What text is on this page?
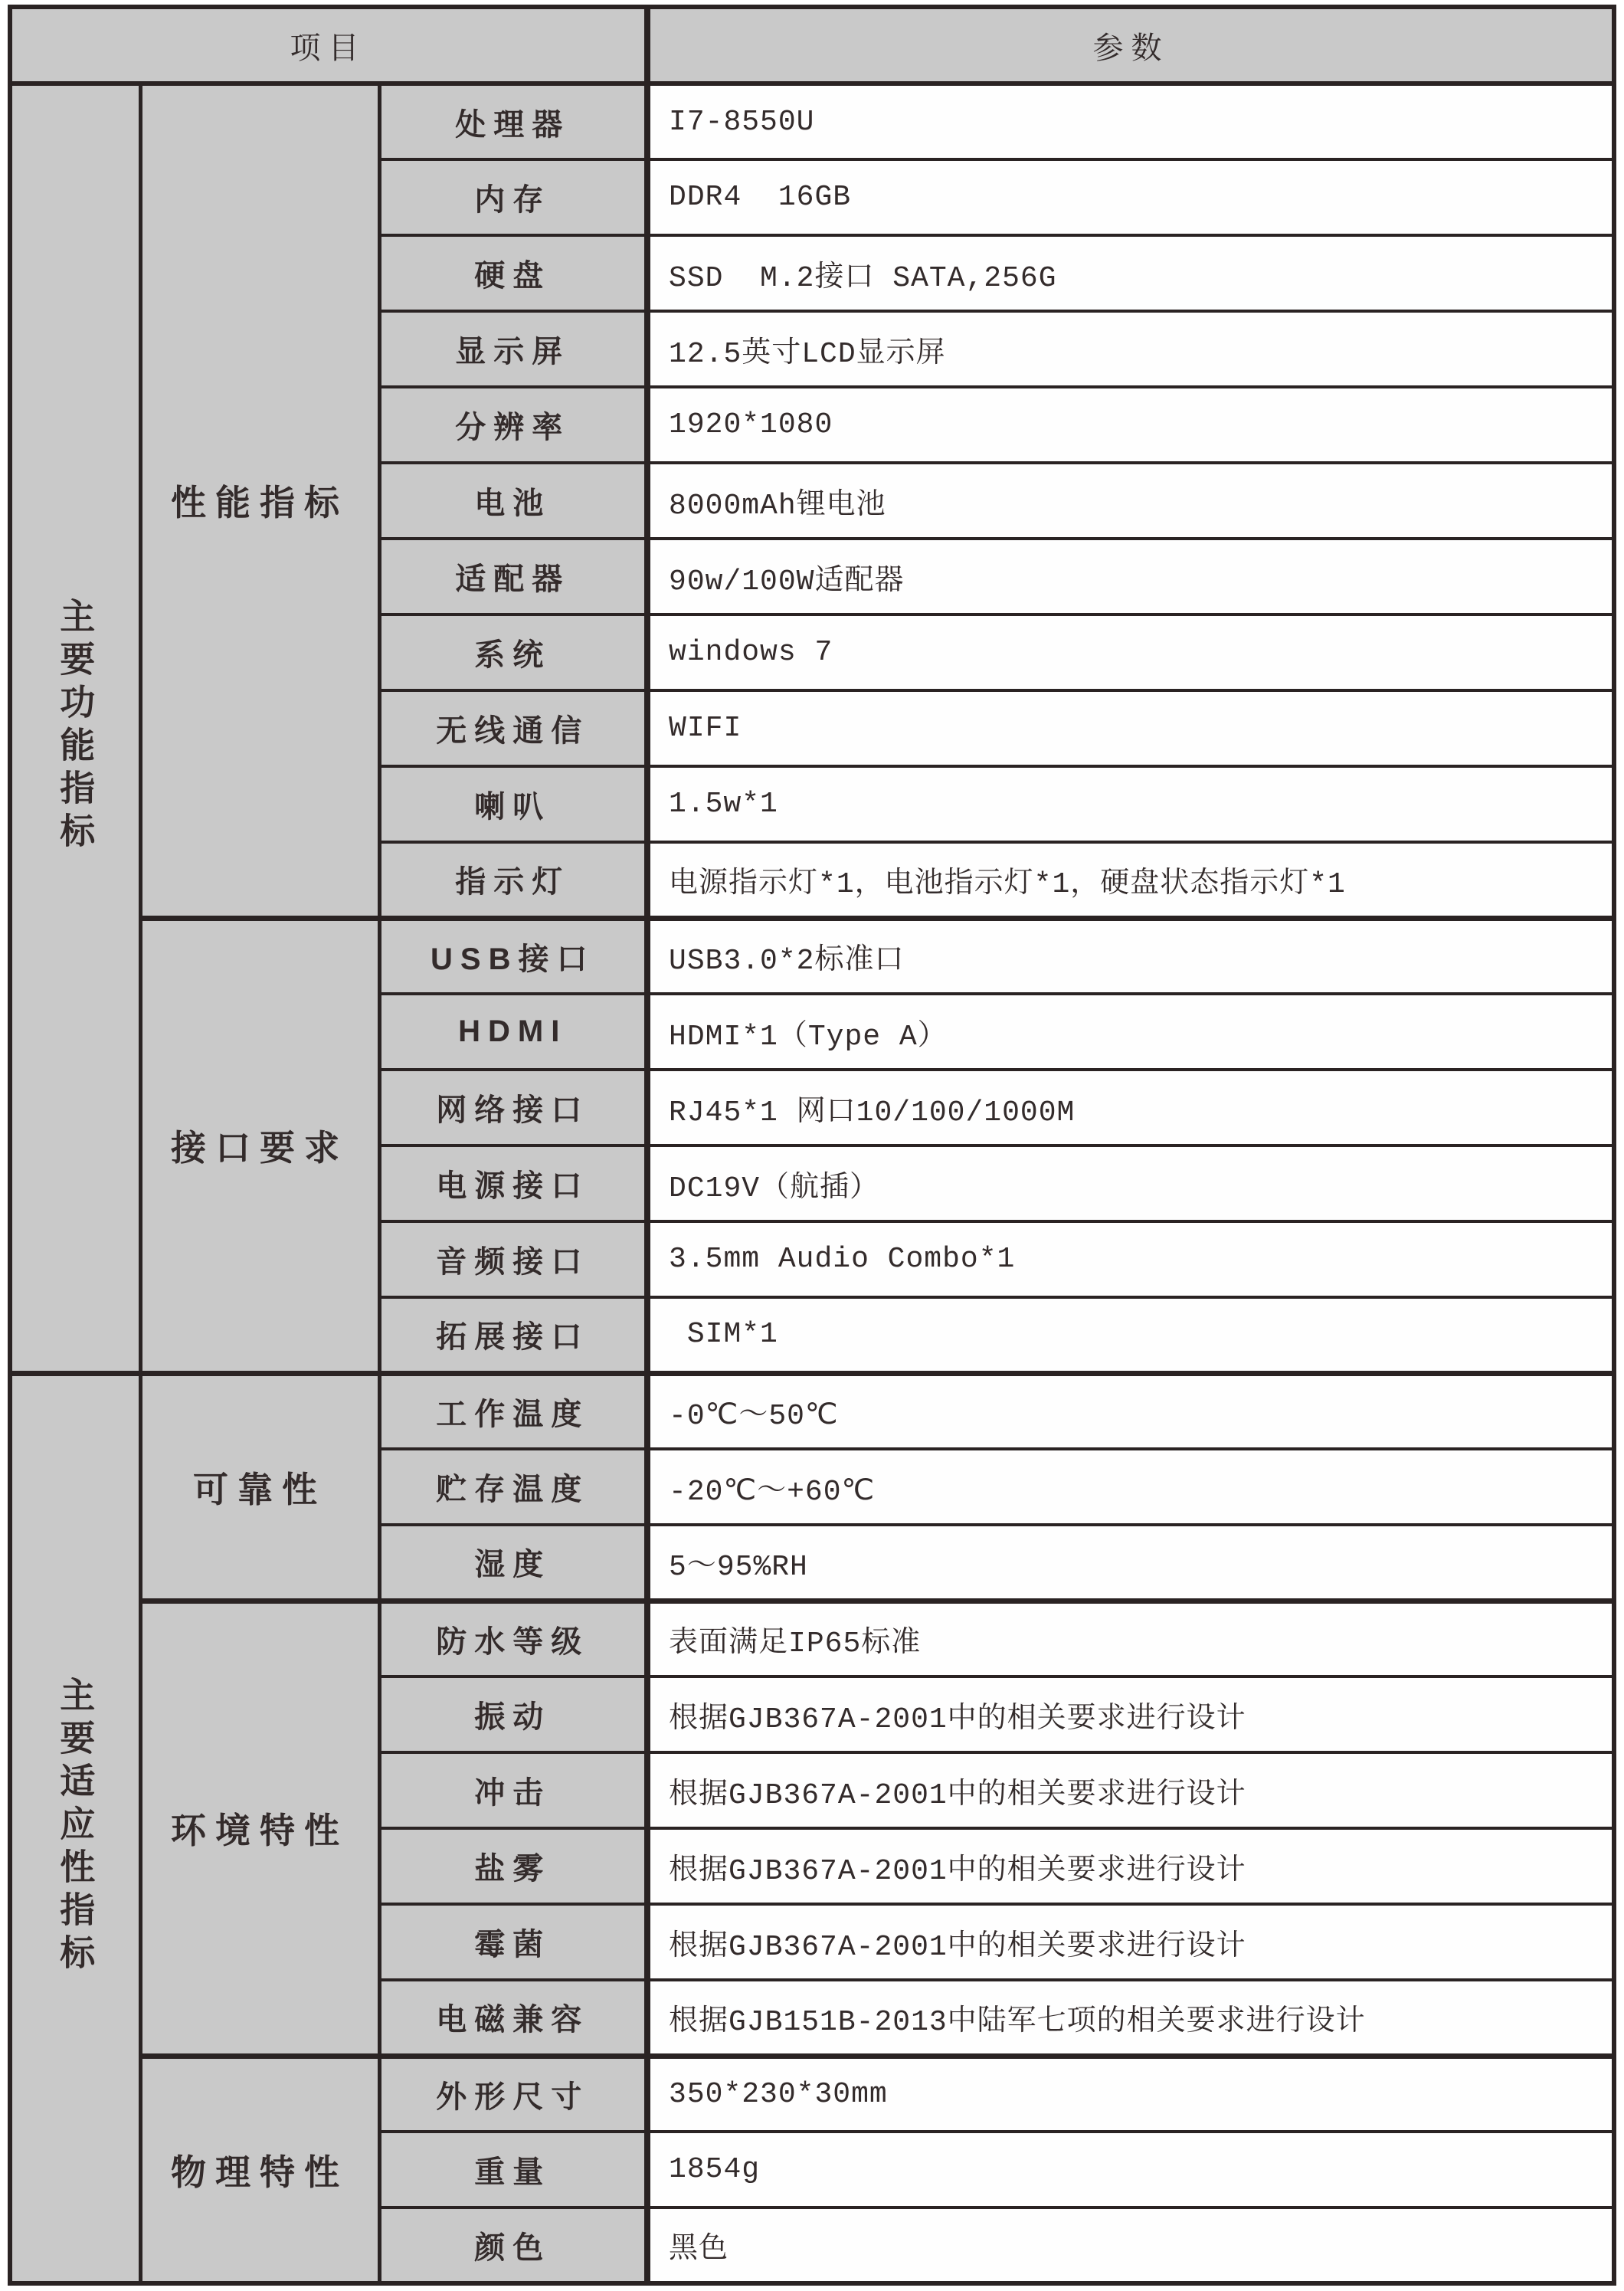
项目			参数
主要功能指标	性能指标	处理器	I7-8550U
		内存	DDR4  16GB
		硬盘	SSD  M.2接口 SATA,256G
		显示屏	12.5英寸LCD显示屏
		分辨率	1920*1080
		电池	8000mAh锂电池
		适配器	90w/100W适配器
		系统	windows 7
		无线通信	WIFI
		喇叭	1.5w*1
		指示灯	电源指示灯*1，电池指示灯*1，硬盘状态指示灯*1
	接口要求	USB接口	USB3.0*2标准口
		HDMI	HDMI*1（Type A）
		网络接口	RJ45*1 网口10/100/1000M
		电源接口	DC19V（航插）
		音频接口	3.5mm Audio Combo*1
		拓展接口	SIM*1
主要适应性指标	可靠性	工作温度	-0℃～50℃
		贮存温度	-20℃～+60℃
		湿度	5～95%RH
	环境特性	防水等级	表面满足IP65标准
		振动	根据GJB367A-2001中的相关要求进行设计
		冲击	根据GJB367A-2001中的相关要求进行设计
		盐雾	根据GJB367A-2001中的相关要求进行设计
		霉菌	根据GJB367A-2001中的相关要求进行设计
		电磁兼容	根据GJB151B-2013中陆军七项的相关要求进行设计
	物理特性	外形尺寸	350*230*30mm
		重量	1854g
		颜色	黑色
